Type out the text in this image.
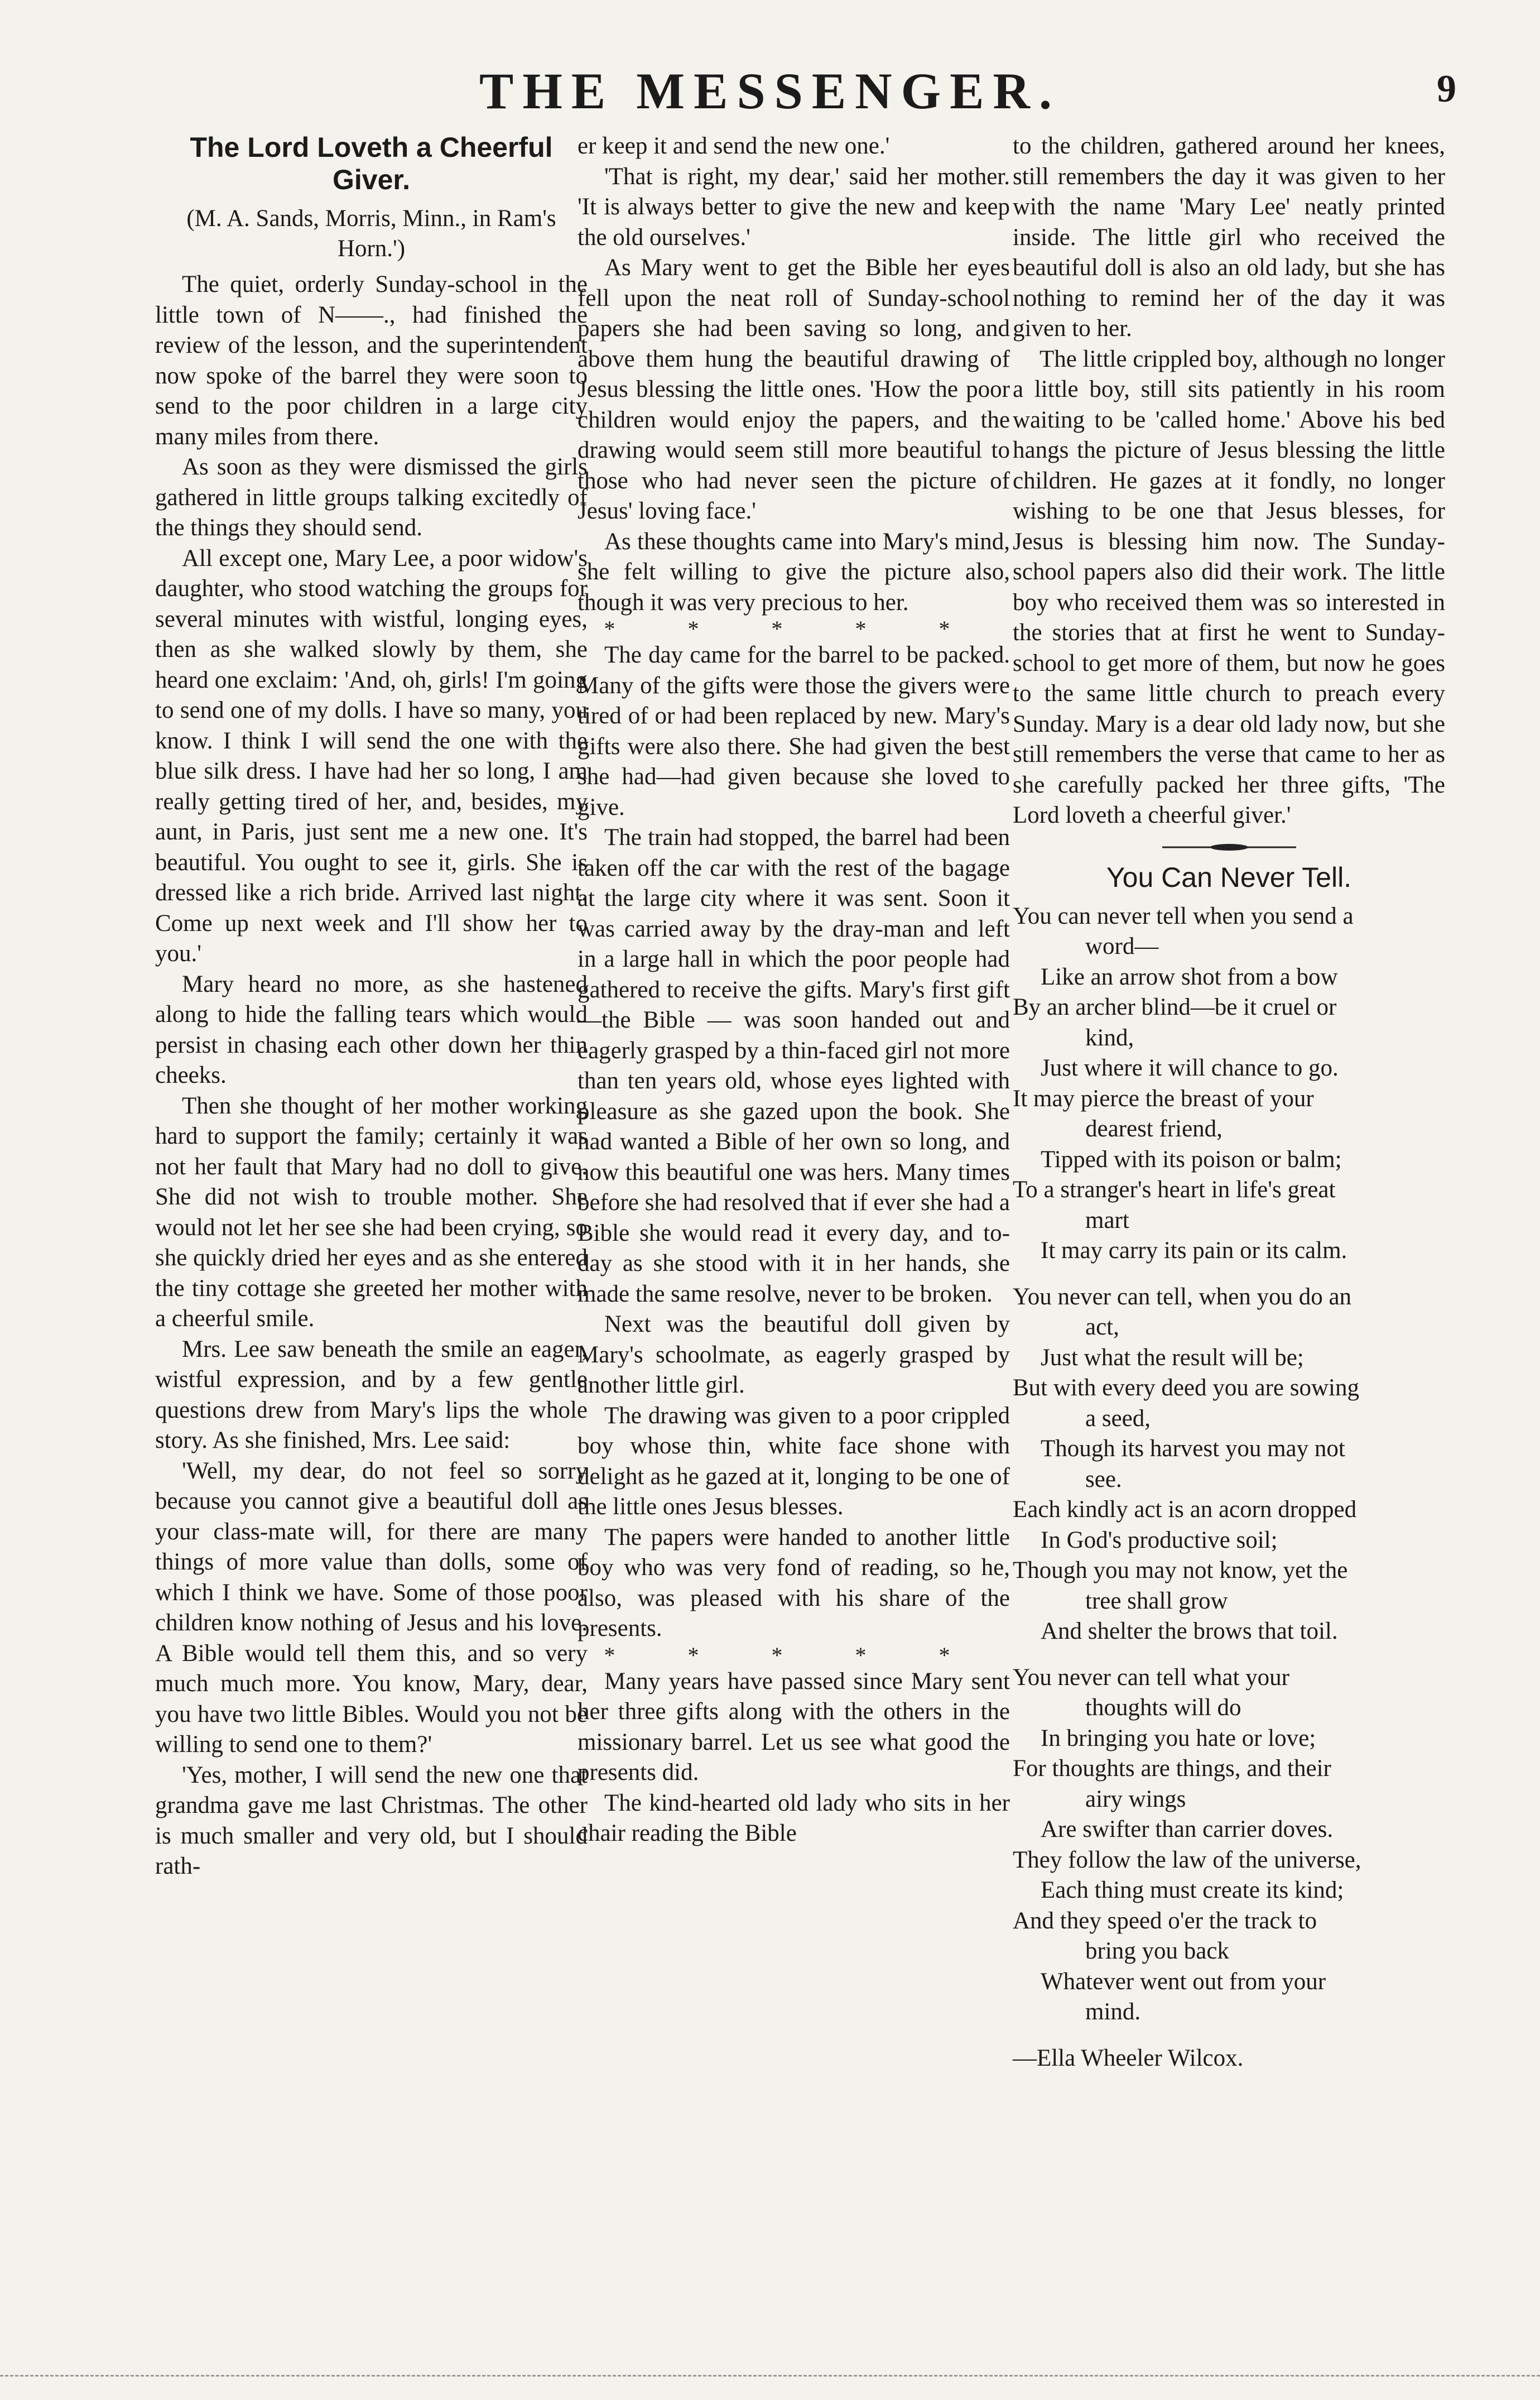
THE MESSENGER.	9
The Lord Loveth a Cheerful Giver.
(M. A. Sands, Morris, Minn., in Ram's Horn.')

The quiet, orderly Sunday-school in the little town of N——., had finished the review of the lesson, and the superintendent now spoke of the barrel they were soon to send to the poor children in a large city many miles from there.

As soon as they were dismissed the girls gathered in little groups talking excitedly of the things they should send.

All except one, Mary Lee, a poor widow's daughter, who stood watching the groups for several minutes with wistful, longing eyes, then as she walked slowly by them, she heard one exclaim: 'And, oh, girls! I'm going to send one of my dolls. I have so many, you know. I think I will send the one with the blue silk dress. I have had her so long, I am really getting tired of her, and, besides, my aunt, in Paris, just sent me a new one. It's beautiful. You ought to see it, girls. She is dressed like a rich bride. Arrived last night. Come up next week and I'll show her to you.'

Mary heard no more, as she hastened along to hide the falling tears which would persist in chasing each other down her thin cheeks.

Then she thought of her mother working hard to support the family; certainly it was not her fault that Mary had no doll to give. She did not wish to trouble mother. She would not let her see she had been crying, so she quickly dried her eyes and as she entered the tiny cottage she greeted her mother with a cheerful smile.

Mrs. Lee saw beneath the smile an eager, wistful expression, and by a few gentle questions drew from Mary's lips the whole story. As she finished, Mrs. Lee said:

'Well, my dear, do not feel so sorry because you cannot give a beautiful doll as your class-mate will, for there are many things of more value than dolls, some of which I think we have. Some of those poor children know nothing of Jesus and his love. A Bible would tell them this, and so very much much more. You know, Mary, dear, you have two little Bibles. Would you not be willing to send one to them?'

'Yes, mother, I will send the new one that grandma gave me last Christmas. The other is much smaller and very old, but I should rath-

er keep it and send the new one.'

'That is right, my dear,' said her mother. 'It is always better to give the new and keep the old ourselves.'

As Mary went to get the Bible her eyes fell upon the neat roll of Sunday-school papers she had been saving so long, and above them hung the beautiful drawing of Jesus blessing the little ones. 'How the poor children would enjoy the papers, and the drawing would seem still more beautiful to those who had never seen the picture of Jesus' loving face.'

As these thoughts came into Mary's mind, she felt willing to give the picture also, though it was very precious to her.

* * * * *

The day came for the barrel to be packed. Many of the gifts were those the givers were tired of or had been replaced by new. Mary's gifts were also there. She had given the best she had—had given because she loved to give.

The train had stopped, the barrel had been taken off the car with the rest of the bagage at the large city where it was sent. Soon it was carried away by the dray-man and left in a large hall in which the poor people had gathered to receive the gifts. Mary's first gift—the Bible — was soon handed out and eagerly grasped by a thin-faced girl not more than ten years old, whose eyes lighted with pleasure as she gazed upon the book. She had wanted a Bible of her own so long, and now this beautiful one was hers. Many times before she had resolved that if ever she had a Bible she would read it every day, and to-day as she stood with it in her hands, she made the same resolve, never to be broken.

Next was the beautiful doll given by Mary's schoolmate, as eagerly grasped by another little girl.

The drawing was given to a poor crippled boy whose thin, white face shone with delight as he gazed at it, longing to be one of the little ones Jesus blesses.

The papers were handed to another little boy who was very fond of reading, so he, also, was pleased with his share of the presents.

* * * * *

Many years have passed since Mary sent her three gifts along with the others in the missionary barrel. Let us see what good the presents did.

The kind-hearted old lady who sits in her chair reading the Bible

to the children, gathered around her knees, still remembers the day it was given to her with the name 'Mary Lee' neatly printed inside. The little girl who received the beautiful doll is also an old lady, but she has nothing to remind her of the day it was given to her.

The little crippled boy, although no longer a little boy, still sits patiently in his room waiting to be 'called home.' Above his bed hangs the picture of Jesus blessing the little children. He gazes at it fondly, no longer wishing to be one that Jesus blesses, for Jesus is blessing him now. The Sunday-school papers also did their work. The little boy who received them was so interested in the stories that at first he went to Sunday-school to get more of them, but now he goes to the same little church to preach every Sunday. Mary is a dear old lady now, but she still remembers the verse that came to her as she carefully packed her three gifts, 'The Lord loveth a cheerful giver.'

You Can Never Tell.
You can never tell when you send a
word—
Like an arrow shot from a bow
By an archer blind—be it cruel or
kind,
Just where it will chance to go.
It may pierce the breast of your
dearest friend,
Tipped with its poison or balm;
To a stranger's heart in life's great
mart
It may carry its pain or its calm.
You never can tell, when you do an
act,
Just what the result will be;
But with every deed you are sowing
a seed,
Though its harvest you may not
see.
Each kindly act is an acorn dropped
In God's productive soil;
Though you may not know, yet the
tree shall grow
And shelter the brows that toil.
You never can tell what your
thoughts will do
In bringing you hate or love;
For thoughts are things, and their
airy wings
Are swifter than carrier doves.
They follow the law of the universe,
Each thing must create its kind;
And they speed o'er the track to
bring you back
Whatever went out from your
mind.
—Ella Wheeler Wilcox.
